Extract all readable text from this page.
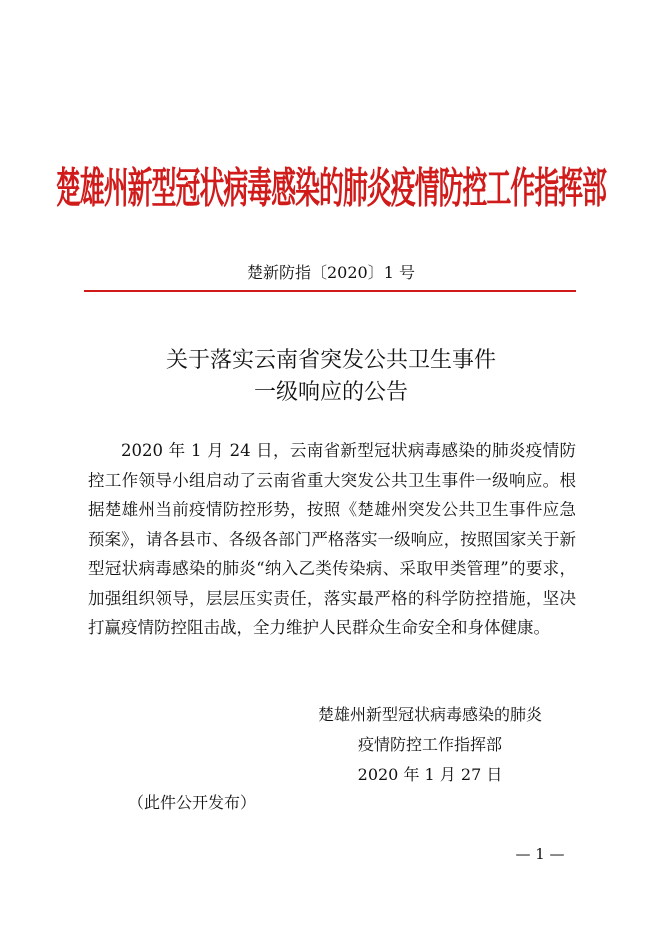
楚雄州新型冠状病毒感染的肺炎疫情防控工作指挥部
楚新防指〔2020〕1 号
关于落实云南省突发公共卫生事件
一级响应的公告

2020 年 1 月 24 日，云南省新型冠状病毒感染的肺炎疫情防控工作领导小组启动了云南省重大突发公共卫生事件一级响应。根据楚雄州当前疫情防控形势，按照《楚雄州突发公共卫生事件应急预案》，请各县市、各级各部门严格落实一级响应，按照国家关于新型冠状病毒感染的肺炎“纳入乙类传染病、采取甲类管理”的要求，加强组织领导，层层压实责任，落实最严格的科学防控措施，坚决打赢疫情防控阻击战，全力维护人民群众生命安全和身体健康。

楚雄州新型冠状病毒感染的肺炎
疫情防控工作指挥部
2020 年 1 月 27 日
（此件公开发布）
— 1 —
